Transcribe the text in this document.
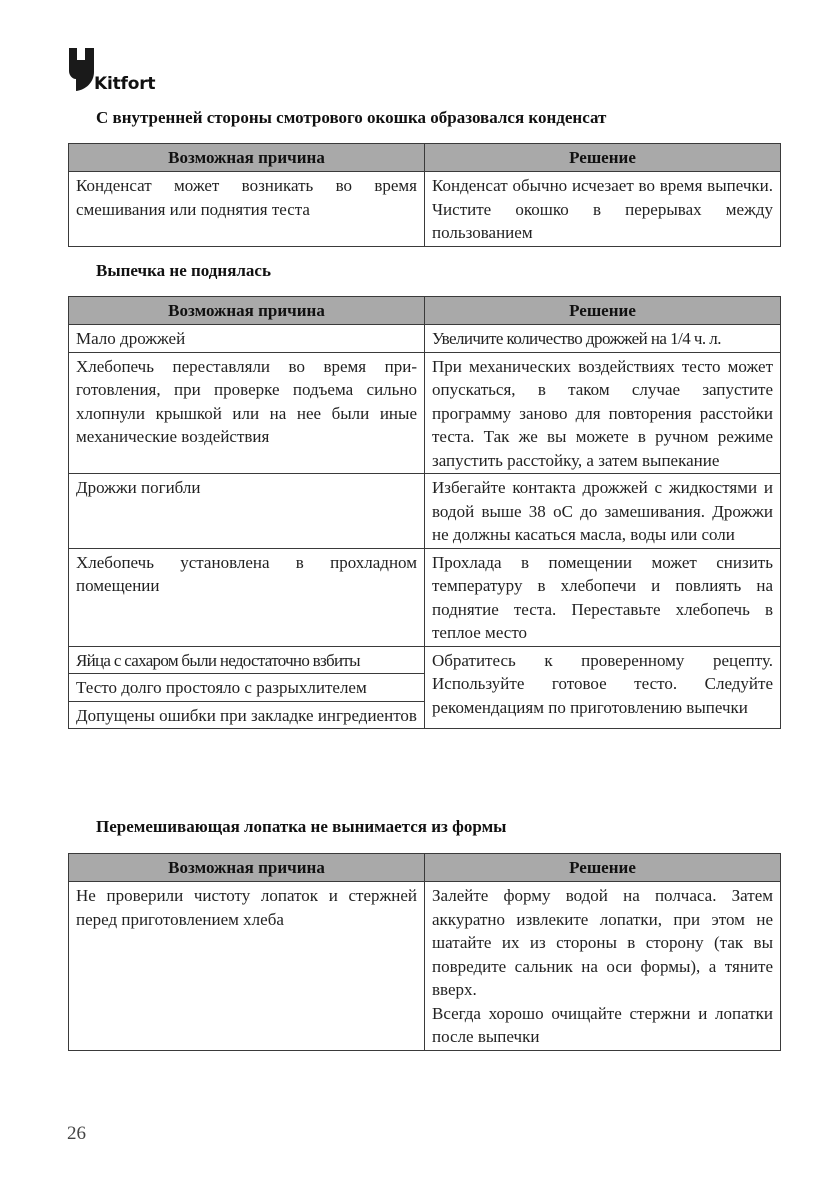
Kitfort
С внутренней стороны смотрового окошка образовался конденсат
Возможная причина	Решение
Конденсат может возникать во время смешивания или поднятия теста	Конденсат обычно исчезает во время выпечки. Чистите окошко в перерывах между пользованием
Выпечка не поднялась
Возможная причина	Решение
Мало дрожжей	Увеличите количество дрожжей на 1/4 ч. л.
Хлебопечь переставляли во время приготовления, при проверке подъема сильно хлопнули крышкой или на нее были иные механические воздействия	При механических воздействиях тесто может опускаться, в таком случае запустите программу заново для повторения расстойки теста. Так же вы можете в ручном режиме запустить расстойку, а затем выпекание
Дрожжи погибли	Избегайте контакта дрожжей с жидкостями и водой выше 38 оС до замешивания. Дрожжи не должны касаться масла, воды или соли
Хлебопечь установлена в прохладном помещении	Прохлада в помещении может снизить температуру в хлебопечи и повлиять на поднятие теста. Переставьте хлебопечь в теплое место
Яйца с сахаром были недостаточно взбиты	Обратитесь к проверенному рецепту. Используйте готовое тесто. Следуйте рекомендациям по приготовлению выпечки
Тесто долго простояло с разрыхлителем	
Допущены ошибки при закладке ингредиентов	
Перемешивающая лопатка не вынимается из формы
Возможная причина	Решение
Не проверили чистоту лопаток и стержней перед приготовлением хлеба	Залейте форму водой на полчаса. Затем аккуратно извлеките лопатки, при этом не шатайте их из стороны в сторону (так вы повредите сальник на оси формы), а тяните вверх.
Всегда хорошо очищайте стержни и лопатки после выпечки
26
